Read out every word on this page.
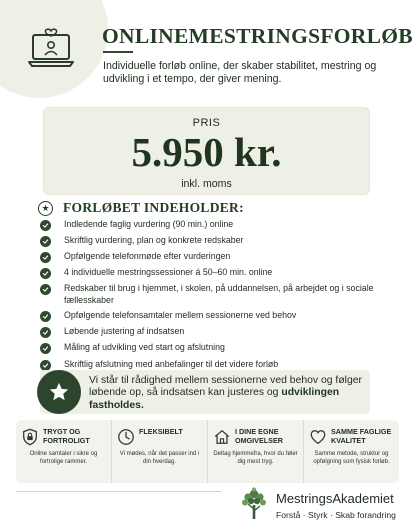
ONLINEMESTRINGSFORLØB
Individuelle forløb online, der skaber stabilitet, mestring og udvikling i et tempo, der giver mening.
PRIS
5.950 kr.
inkl. moms
★ FORLØBET INDEHOLDER:
Indledende faglig vurdering (90 min.) online
Skriftlig vurdering, plan og konkrete redskaber
Opfølgende telefonmøde efter vurderingen
4 individuelle mestringssessioner á 50–60 min. online
Redskaber til brug i hjemmet, i skolen, på uddannelsen, på arbejdet og i sociale fællesskaber
Opfølgende telefonsamtaler mellem sessionerne ved behov
Løbende justering af indsatsen
Måling af udvikling ved start og afslutning
Skriftlig afslutning med anbefalinger til det videre forløb
Vi står til rådighed mellem sessionerne ved behov og følger løbende op, så indsatsen kan justeres og udviklingen fastholdes.
TRYGT OG FORTROLIGT
Online samtaler i sikre og fortrolige rammer.
FLEKSIBELT
Vi mødes, når det passer ind i din hverdag.
I DINE EGNE OMGIVELSER
Deltag hjemmefra, hvor du føler dig mest tryg.
SAMME FAGLIGE KVALITET
Samme metode, struktur og opfølgning som fysisk forløb.
MestringsAkademiet
Forstå · Styrk · Skab forandring
